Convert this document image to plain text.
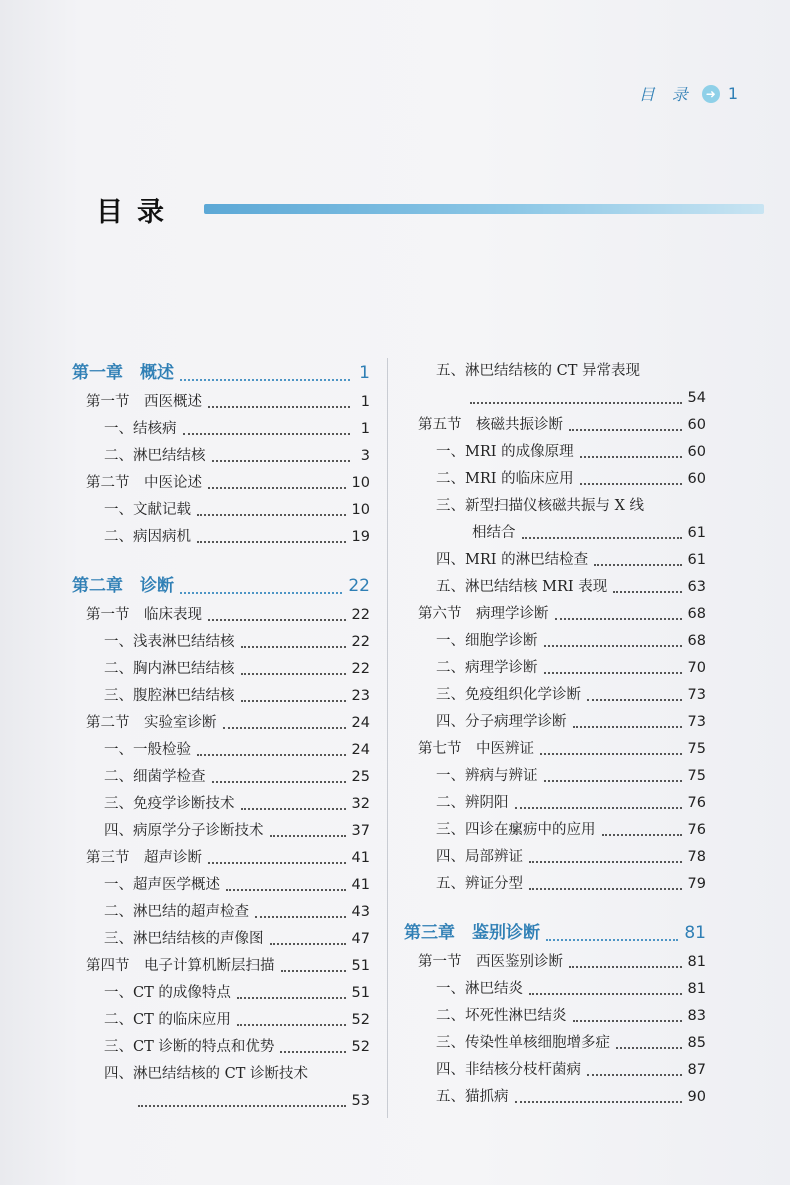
目 录 ➜ 1
目录
第一章　概述	1
第一节　西医概述	1
一、结核病	1
二、淋巴结结核	3
第二节　中医论述	10
一、文献记载	10
二、病因病机	19
第二章　诊断	22
第一节　临床表现	22
一、浅表淋巴结结核	22
二、胸内淋巴结结核	22
三、腹腔淋巴结结核	23
第二节　实验室诊断	24
一、一般检验	24
二、细菌学检查	25
三、免疫学诊断技术	32
四、病原学分子诊断技术	37
第三节　超声诊断	41
一、超声医学概述	41
二、淋巴结的超声检查	43
三、淋巴结结核的声像图	47
第四节　电子计算机断层扫描	51
一、CT 的成像特点	51
二、CT 的临床应用	52
三、CT 诊断的特点和优势	52
四、淋巴结结核的 CT 诊断技术
53
五、淋巴结结核的 CT 异常表现
54
第五节　核磁共振诊断	60
一、MRI 的成像原理	60
二、MRI 的临床应用	60
三、新型扫描仪核磁共振与 X 线
相结合	61
四、MRI 的淋巴结检查	61
五、淋巴结结核 MRI 表现	63
第六节　病理学诊断	68
一、细胞学诊断	68
二、病理学诊断	70
三、免疫组织化学诊断	73
四、分子病理学诊断	73
第七节　中医辨证	75
一、辨病与辨证	75
二、辨阴阳	76
三、四诊在瘰疬中的应用	76
四、局部辨证	78
五、辨证分型	79
第三章　鉴别诊断	81
第一节　西医鉴别诊断	81
一、淋巴结炎	81
二、坏死性淋巴结炎	83
三、传染性单核细胞增多症	85
四、非结核分枝杆菌病	87
五、猫抓病	90
